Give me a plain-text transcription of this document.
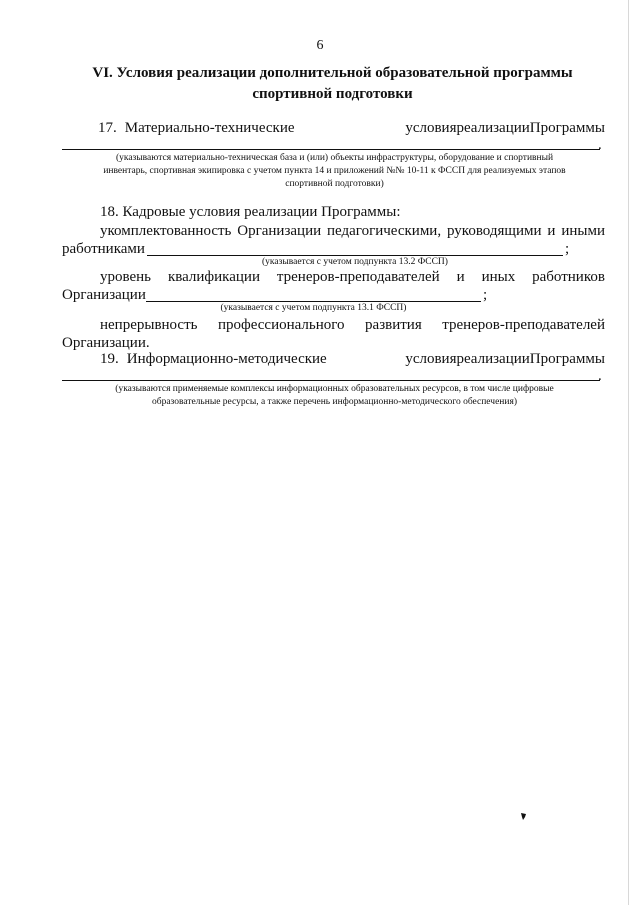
6
VI. Условия реализации дополнительной образовательной программы
спортивной подготовки
17. Материально-технические	условия реализации Программы
.
(указываются материально-техническая база и (или) объекты инфраструктуры, оборудование и спортивный
инвентарь, спортивная экипировка с учетом пункта 14 и приложений №№ 10-11 к ФССП для реализуемых этапов
спортивной подготовки)
18. Кадровые условия реализации Программы:
укомплектованность Организации педагогическими, руководящими и иными
работниками	;
(указывается с учетом подпункта 13.2 ФССП)
уровень квалификации тренеров-преподавателей и иных работников
Организации	;
(указывается с учетом подпункта 13.1 ФССП)
непрерывность профессионального развития тренеров-преподавателей
Организации.
19. Информационно-методические	условия реализации Программы
.
(указываются применяемые комплексы информационных образовательных ресурсов, в том числе цифровые
образовательные ресурсы, а также перечень информационно-методического обеспечения)
